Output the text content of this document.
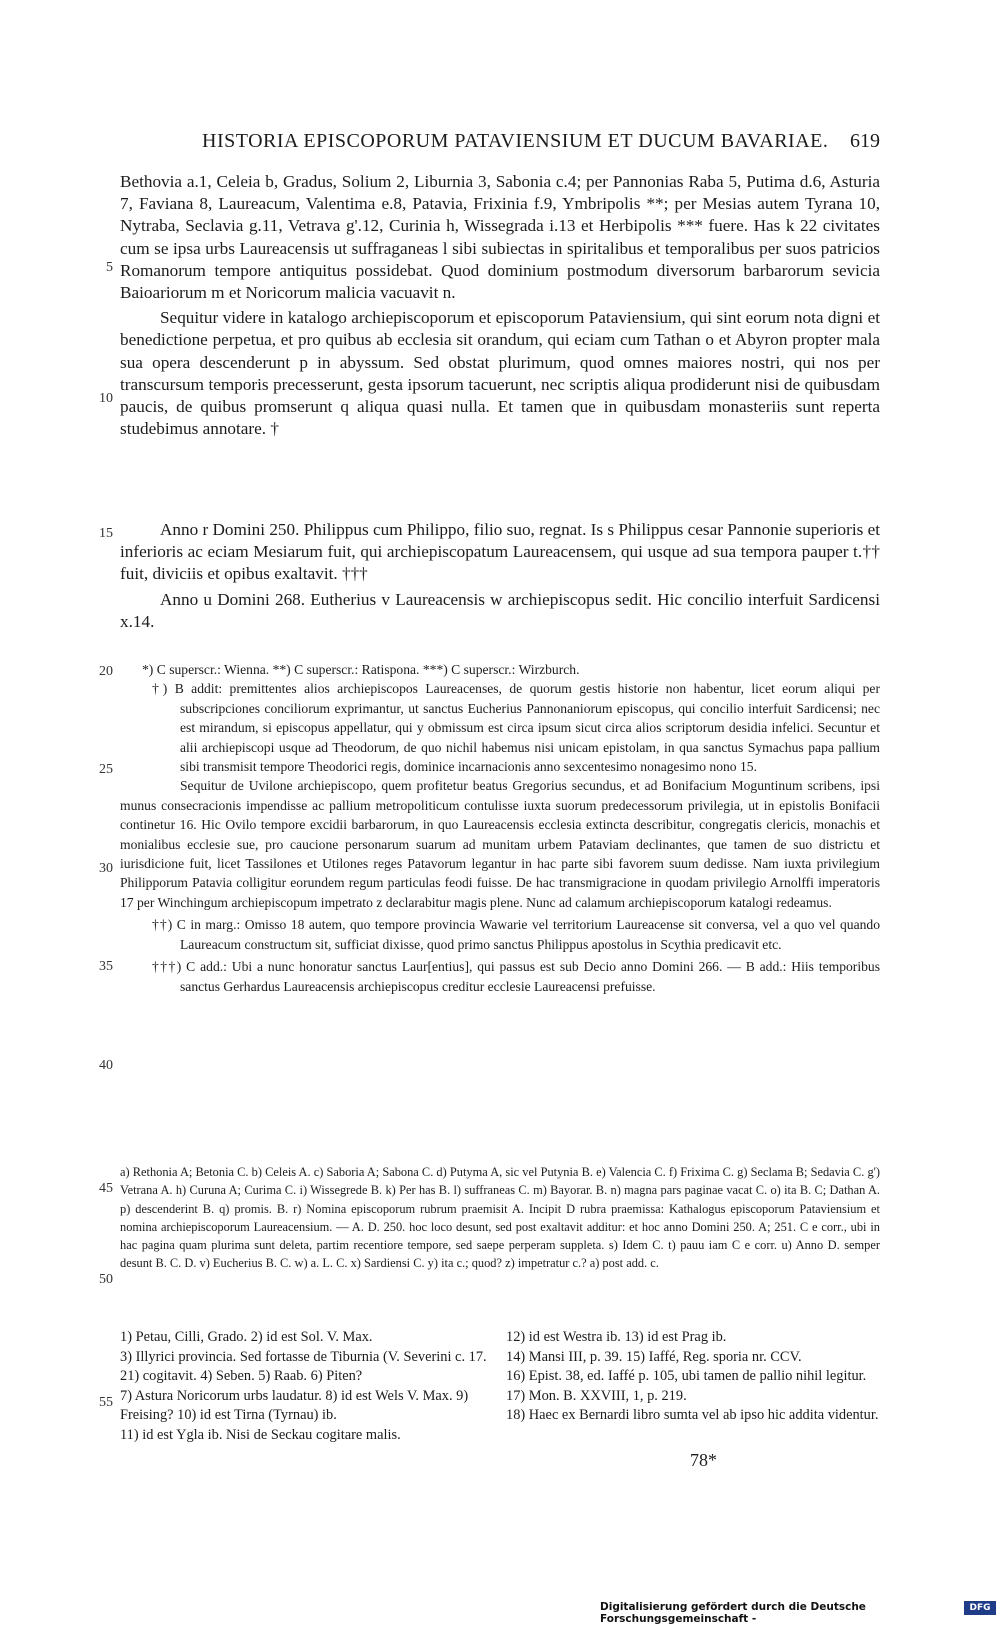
HISTORIA EPISCOPORUM PATAVIENSIUM ET DUCUM BAVARIAE. 619
5
10
15
20
25
30
35
40
45
50
55

Bethovia a.1, Celeia b, Gradus, Solium 2, Liburnia 3, Sabonia c.4; per Pannonias Raba 5, Putima d.6, Asturia 7, Faviana 8, Laureacum, Valentima e.8, Patavia, Frixinia f.9, Ymbripolis **; per Mesias autem Tyrana 10, Nytraba, Seclavia g.11, Vetrava g'.12, Curinia h, Wissegrada i.13 et Herbipolis *** fuere. Has k 22 civitates cum se ipsa urbs Laureacensis ut suffraganeas l sibi subiectas in spiritalibus et temporalibus per suos patricios Romanorum tempore antiquitus possidebat. Quod dominium postmodum diversorum barbarorum sevicia Baioariorum m et Noricorum malicia vacuavit n.

Sequitur videre in katalogo archiepiscoporum et episcoporum Pataviensium, qui sint eorum nota digni et benedictione perpetua, et pro quibus ab ecclesia sit orandum, qui eciam cum Tathan o et Abyron propter mala sua opera descenderunt p in abyssum. Sed obstat plurimum, quod omnes maiores nostri, qui nos per transcursum temporis precesserunt, gesta ipsorum tacuerunt, nec scriptis aliqua prodiderunt nisi de quibusdam paucis, de quibus promserunt q aliqua quasi nulla. Et tamen que in quibusdam monasteriis sunt reperta studebimus annotare. †

Anno r Domini 250. Philippus cum Philippo, filio suo, regnat. Is s Philippus cesar Pannonie superioris et inferioris ac eciam Mesiarum fuit, qui archiepiscopatum Laureacensem, qui usque ad sua tempora pauper t.†† fuit, diviciis et opibus exaltavit. †††

Anno u Domini 268. Eutherius v Laureacensis w archiepiscopus sedit. Hic concilio interfuit Sardicensi x.14.

*) C superscr.: Wienna. **) C superscr.: Ratispona. ***) C superscr.: Wirzburch.

†) B addit: premittentes alios archiepiscopos Laureacenses, de quorum gestis historie non habentur, licet eorum aliqui per subscripciones conciliorum exprimantur, ut sanctus Eucherius Pannonaniorum episcopus, qui concilio interfuit Sardicensi; nec est mirandum, si episcopus appellatur, qui y obmissum est circa ipsum sicut circa alios scriptorum desidia infelici. Secuntur et alii archiepiscopi usque ad Theodorum, de quo nichil habemus nisi unicam epistolam, in qua sanctus Symachus papa pallium sibi transmisit tempore Theodorici regis, dominice incarnacionis anno sexcentesimo nonagesimo nono 15.

Sequitur de Uvilone archiepiscopo, quem profitetur beatus Gregorius secundus, et ad Bonifacium Moguntinum scribens, ipsi munus consecracionis impendisse ac pallium metropoliticum contulisse iuxta suorum predecessorum privilegia, ut in epistolis Bonifacii continetur 16. Hic Ovilo tempore excidii barbarorum, in quo Laureacensis ecclesia extincta describitur, congregatis clericis, monachis et monialibus ecclesie sue, pro caucione personarum suarum ad munitam urbem Pataviam declinantes, que tamen de suo districtu et iurisdicione fuit, licet Tassilones et Utilones reges Patavorum legantur in hac parte sibi favorem suum dedisse. Nam iuxta privilegium Philipporum Patavia colligitur eorundem regum particulas feodi fuisse. De hac transmigracione in quodam privilegio Arnolffi imperatoris 17 per Winchingum archiepiscopum impetrato z declarabitur magis plene. Nunc ad calamum archiepiscoporum katalogi redeamus.

††) C in marg.: Omisso 18 autem, quo tempore provincia Wawarie vel territorium Laureacense sit conversa, vel a quo vel quando Laureacum constructum sit, sufficiat dixisse, quod primo sanctus Philippus apostolus in Scythia predicavit etc.

†††) C add.: Ubi a nunc honoratur sanctus Laur[entius], qui passus est sub Decio anno Domini 266. — B add.: Hiis temporibus sanctus Gerhardus Laureacensis archiepiscopus creditur ecclesie Laureacensi prefuisse.

a) Rethonia A; Betonia C. b) Celeis A. c) Saboria A; Sabona C. d) Putyma A, sic vel Putynia B. e) Valencia C. f) Frixima C. g) Seclama B; Sedavia C. g') Vetrana A. h) Curuna A; Curima C. i) Wissegrede B. k) Per has B. l) suffraneas C. m) Bayorar. B. n) magna pars paginae vacat C. o) ita B. C; Dathan A. p) descenderint B. q) promis. B. r) Nomina episcoporum rubrum praemisit A. Incipit D rubra praemissa: Kathalogus episcoporum Pataviensium et nomina archiepiscoporum Laureacensium. — A. D. 250. hoc loco desunt, sed post exaltavit additur: et hoc anno Domini 250. A; 251. C e corr., ubi in hac pagina quam plurima sunt deleta, partim recentiore tempore, sed saepe perperam suppleta. s) Idem C. t) pauu iam C e corr. u) Anno D. semper desunt B. C. D. v) Eucherius B. C. w) a. L. C. x) Sardiensi C. y) ita c.; quod? z) impetratur c.? a) post add. c.

1) Petau, Cilli, Grado. 2) id est Sol. V. Max.

3) Illyrici provincia. Sed fortasse de Tiburnia (V. Severini c. 17. 21) cogitavit. 4) Seben. 5) Raab. 6) Piten?

7) Astura Noricorum urbs laudatur. 8) id est Wels V. Max. 9) Freising? 10) id est Tirna (Tyrnau) ib.

11) id est Ygla ib. Nisi de Seckau cogitare malis.

12) id est Westra ib. 13) id est Prag ib.

14) Mansi III, p. 39. 15) Iaffé, Reg. sporia nr. CCV.

16) Epist. 38, ed. Iaffé p. 105, ubi tamen de pallio nihil legitur. 17) Mon. B. XXVIII, 1, p. 219.

18) Haec ex Bernardi libro sumta vel ab ipso hic addita videntur.

78*
Digitalisierung gefördert durch die Deutsche Forschungsgemeinschaft -
DFG
